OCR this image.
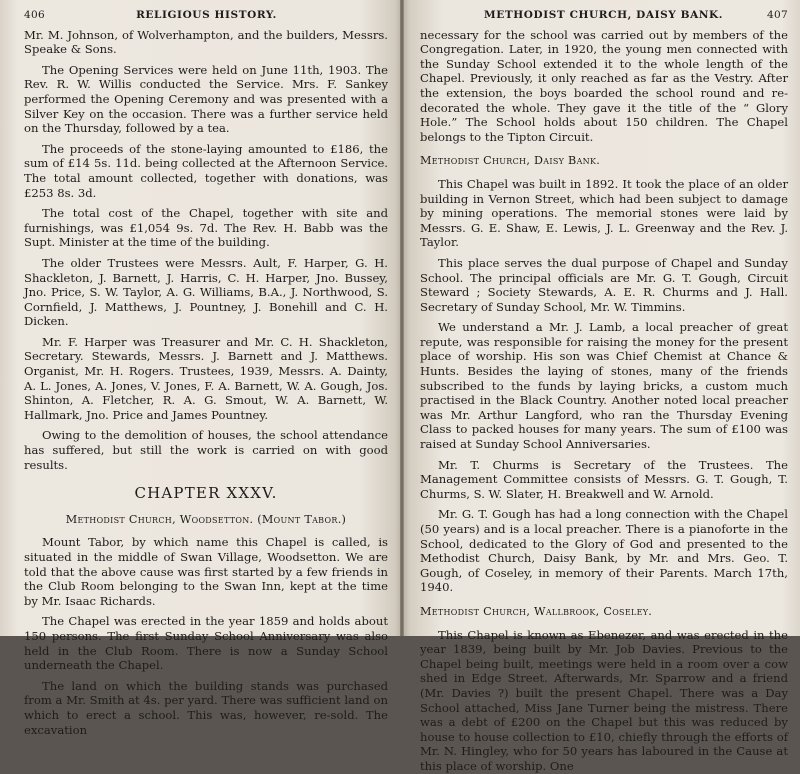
406	RELIGIOUS HISTORY.

Mr. M. Johnson, of Wolverhampton, and the builders, Messrs. Speake & Sons.

The Opening Services were held on June 11th, 1903. The Rev. R. W. Willis conducted the Service. Mrs. F. Sankey performed the Opening Ceremony and was presented with a Silver Key on the occasion. There was a further service held on the Thursday, followed by a tea.

The proceeds of the stone-laying amounted to £186, the sum of £14 5s. 11d. being collected at the Afternoon Service. The total amount collected, together with donations, was £253 8s. 3d.

The total cost of the Chapel, together with site and furnishings, was £1,054 9s. 7d. The Rev. H. Babb was the Supt. Minister at the time of the building.

The older Trustees were Messrs. Ault, F. Harper, G. H. Shackleton, J. Barnett, J. Harris, C. H. Harper, Jno. Bussey, Jno. Price, S. W. Taylor, A. G. Williams, B.A., J. Northwood, S. Cornfield, J. Matthews, J. Pountney, J. Bonehill and C. H. Dicken.

Mr. F. Harper was Treasurer and Mr. C. H. Shackleton, Secretary. Stewards, Messrs. J. Barnett and J. Matthews. Organist, Mr. H. Rogers. Trustees, 1939, Messrs. A. Dainty, A. L. Jones, A. Jones, V. Jones, F. A. Barnett, W. A. Gough, Jos. Shinton, A. Fletcher, R. A. G. Smout, W. A. Barnett, W. Hallmark, Jno. Price and James Pountney.

Owing to the demolition of houses, the school attendance has suffered, but still the work is carried on with good results.

CHAPTER XXXV.
Methodist Church, Woodsetton. (Mount Tabor.)

Mount Tabor, by which name this Chapel is called, is situated in the middle of Swan Village, Woodsetton. We are told that the above cause was first started by a few friends in the Club Room belonging to the Swan Inn, kept at the time by Mr. Isaac Richards.

The Chapel was erected in the year 1859 and holds about 150 persons. The first Sunday School Anniversary was also held in the Club Room. There is now a Sunday School underneath the Chapel.

The land on which the building stands was purchased from a Mr. Smith at 4s. per yard. There was sufficient land on which to erect a school. This was, however, re-sold. The excavation

METHODIST CHURCH, DAISY BANK.	407

necessary for the school was carried out by members of the Congregation. Later, in 1920, the young men connected with the Sunday School extended it to the whole length of the Chapel. Previously, it only reached as far as the Vestry. After the extension, the boys boarded the school round and re-decorated the whole. They gave it the title of the “ Glory Hole.” The School holds about 150 children. The Chapel belongs to the Tipton Circuit.

Methodist Church, Daisy Bank.

This Chapel was built in 1892. It took the place of an older building in Vernon Street, which had been subject to damage by mining operations. The memorial stones were laid by Messrs. G. E. Shaw, E. Lewis, J. L. Greenway and the Rev. J. Taylor.

This place serves the dual purpose of Chapel and Sunday School. The principal officials are Mr. G. T. Gough, Circuit Steward ; Society Stewards, A. E. R. Churms and J. Hall. Secretary of Sunday School, Mr. W. Timmins.

We understand a Mr. J. Lamb, a local preacher of great repute, was responsible for raising the money for the present place of worship. His son was Chief Chemist at Chance & Hunts. Besides the laying of stones, many of the friends subscribed to the funds by laying bricks, a custom much practised in the Black Country. Another noted local preacher was Mr. Arthur Langford, who ran the Thursday Evening Class to packed houses for many years. The sum of £100 was raised at Sunday School Anniversaries.

Mr. T. Churms is Secretary of the Trustees. The Management Committee consists of Messrs. G. T. Gough, T. Churms, S. W. Slater, H. Breakwell and W. Arnold.

Mr. G. T. Gough has had a long connection with the Chapel (50 years) and is a local preacher. There is a pianoforte in the School, dedicated to the Glory of God and presented to the Methodist Church, Daisy Bank, by Mr. and Mrs. Geo. T. Gough, of Coseley, in memory of their Parents. March 17th, 1940.

Methodist Church, Wallbrook, Coseley.

This Chapel is known as Ebenezer, and was erected in the year 1839, being built by Mr. Job Davies. Previous to the Chapel being built, meetings were held in a room over a cow shed in Edge Street. Afterwards, Mr. Sparrow and a friend (Mr. Davies ?) built the present Chapel. There was a Day School attached, Miss Jane Turner being the mistress. There was a debt of £200 on the Chapel but this was reduced by house to house collection to £10, chiefly through the efforts of Mr. N. Hingley, who for 50 years has laboured in the Cause at this place of worship. One
